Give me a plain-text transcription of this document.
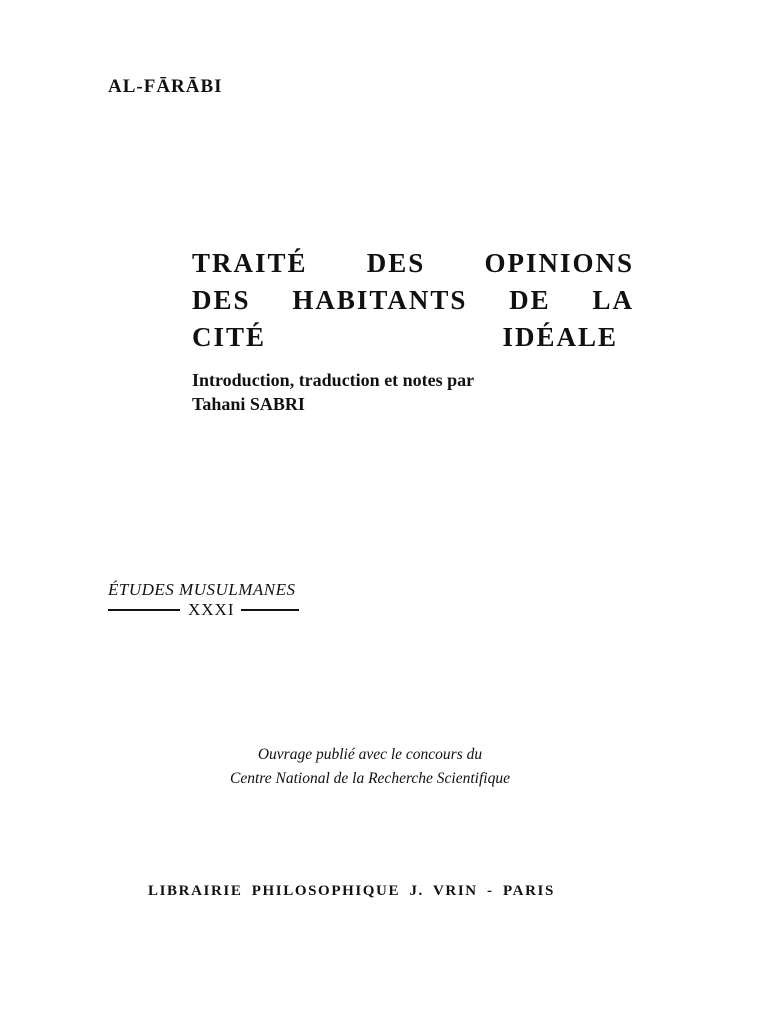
AL-FĀRĀBI
TRAITÉ DES OPINIONS
DES HABITANTS DE LA
CITÉ	IDÉALE
Introduction, traduction et notes par
Tahani SABRI
ÉTUDES MUSULMANES
XXXI
Ouvrage publié avec le concours du
Centre National de la Recherche Scientifique
LIBRAIRIE PHILOSOPHIQUE J. VRIN - PARIS
